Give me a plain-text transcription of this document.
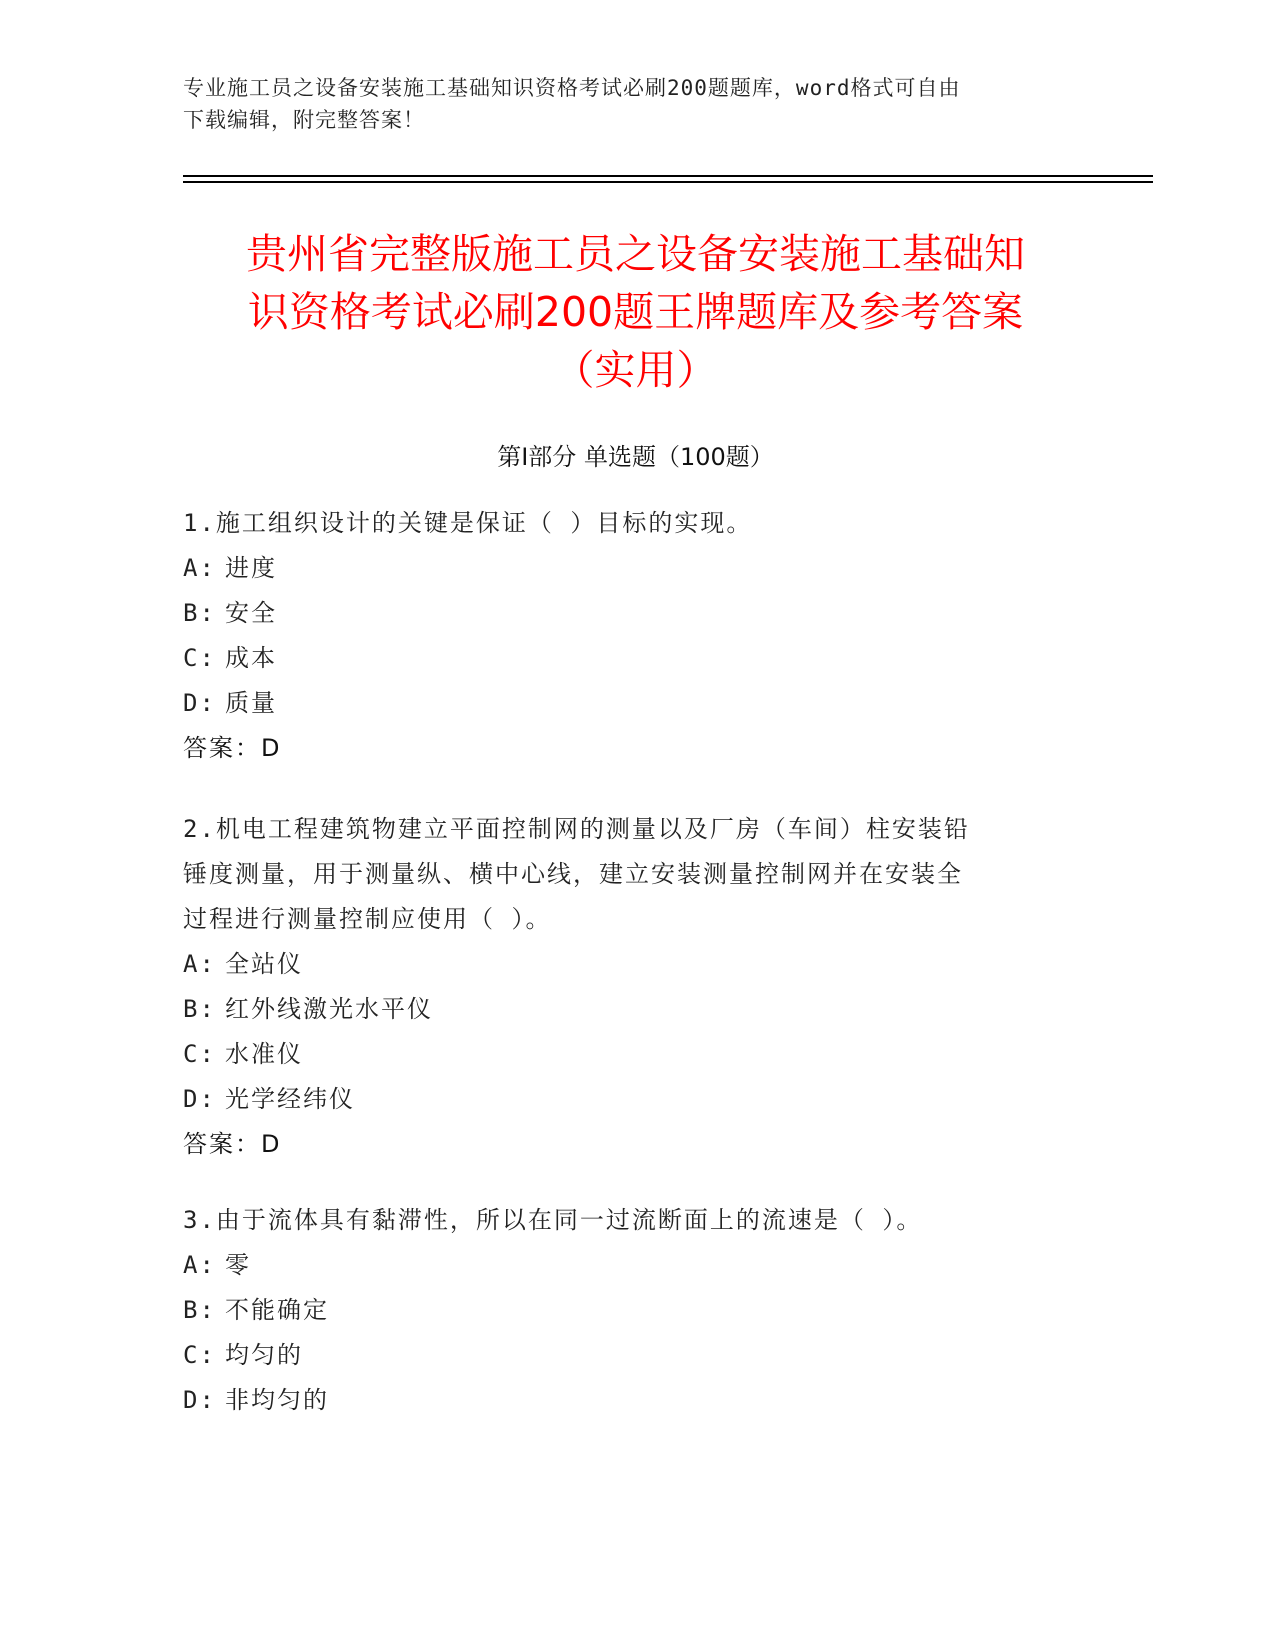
专业施工员之设备安装施工基础知识资格考试必刷200题题库，word格式可自由
下载编辑，附完整答案！
贵州省完整版施工员之设备安装施工基础知
识资格考试必刷200题王牌题库及参考答案
（实用）
第Ⅰ部分 单选题（100题）
1.施工组织设计的关键是保证（ ）目标的实现。
A: 进度
B: 安全
C: 成本
D: 质量
答案：D
2.机电工程建筑物建立平面控制网的测量以及厂房（车间）柱安装铅
锤度测量，用于测量纵、横中心线，建立安装测量控制网并在安装全
过程进行测量控制应使用（ ）。
A: 全站仪
B: 红外线激光水平仪
C: 水准仪
D: 光学经纬仪
答案：D
3.由于流体具有黏滞性，所以在同一过流断面上的流速是（ ）。
A: 零
B: 不能确定
C: 均匀的
D: 非均匀的
